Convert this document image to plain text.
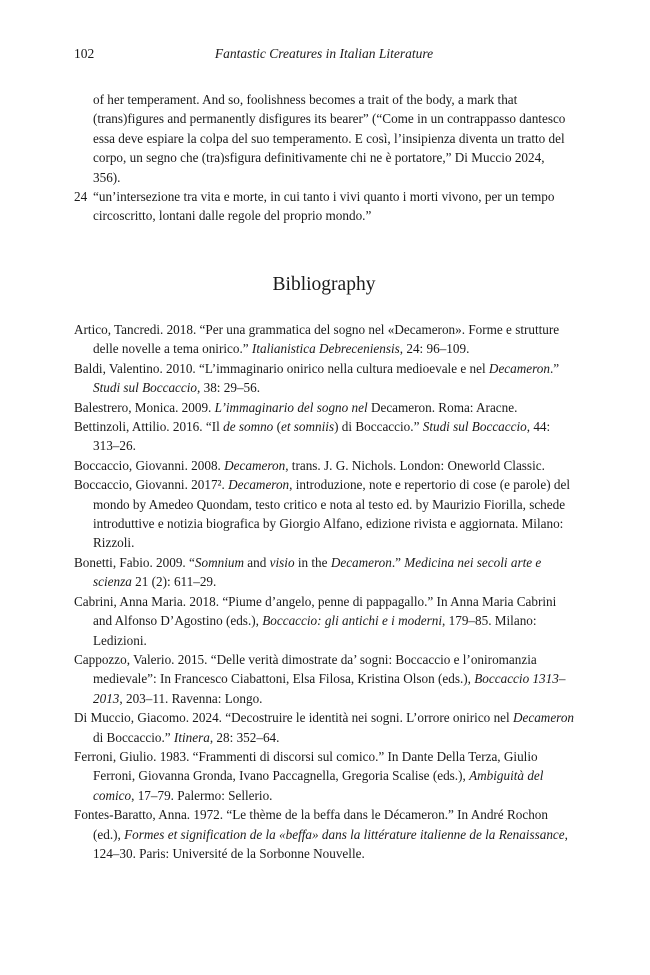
102	Fantastic Creatures in Italian Literature

of her temperament. And so, foolishness becomes a trait of the body, a mark that (trans)figures and permanently disfigures its bearer” (“Come in un contrappasso dantesco essa deve espiare la colpa del suo temperamento. E così, l’insipienza diventa un tratto del corpo, un segno che (tra)sfigura definitivamente chi ne è portatore,” Di Muccio 2024, 356).

24 “un’intersezione tra vita e morte, in cui tanto i vivi quanto i morti vivono, per un tempo circoscritto, lontani dalle regole del proprio mondo.”

Bibliography

Artico, Tancredi. 2018. “Per una grammatica del sogno nel «Decameron». Forme e strutture delle novelle a tema onirico.” Italianistica Debreceniensis, 24: 96–109.

Baldi, Valentino. 2010. “L’immaginario onirico nella cultura medioevale e nel Decameron.” Studi sul Boccaccio, 38: 29–56.

Balestrero, Monica. 2009. L’immaginario del sogno nel Decameron. Roma: Aracne.

Bettinzoli, Attilio. 2016. “Il de somno (et somniis) di Boccaccio.” Studi sul Boccaccio, 44: 313–26.

Boccaccio, Giovanni. 2008. Decameron, trans. J. G. Nichols. London: Oneworld Classic.

Boccaccio, Giovanni. 2017². Decameron, introduzione, note e repertorio di cose (e parole) del mondo by Amedeo Quondam, testo critico e nota al testo ed. by Maurizio Fiorilla, schede introduttive e notizia biografica by Giorgio Alfano, edizione rivista e aggiornata. Milano: Rizzoli.

Bonetti, Fabio. 2009. “Somnium and visio in the Decameron.” Medicina nei secoli arte e scienza 21 (2): 611–29.

Cabrini, Anna Maria. 2018. “Piume d’angelo, penne di pappagallo.” In Anna Maria Cabrini and Alfonso D’Agostino (eds.), Boccaccio: gli antichi e i moderni, 179–85. Milano: Ledizioni.

Cappozzo, Valerio. 2015. “Delle verità dimostrate da’ sogni: Boccaccio e l’oniromanzia medievale”: In Francesco Ciabattoni, Elsa Filosa, Kristina Olson (eds.), Boccaccio 1313–2013, 203–11. Ravenna: Longo.

Di Muccio, Giacomo. 2024. “Decostruire le identità nei sogni. L’orrore onirico nel Decameron di Boccaccio.” Itinera, 28: 352–64.

Ferroni, Giulio. 1983. “Frammenti di discorsi sul comico.” In Dante Della Terza, Giulio Ferroni, Giovanna Gronda, Ivano Paccagnella, Gregoria Scalise (eds.), Ambiguità del comico, 17–79. Palermo: Sellerio.

Fontes-Baratto, Anna. 1972. “Le thème de la beffa dans le Décameron.” In André Rochon (ed.), Formes et signification de la «beffa» dans la littérature italienne de la Renaissance, 124–30. Paris: Université de la Sorbonne Nouvelle.
